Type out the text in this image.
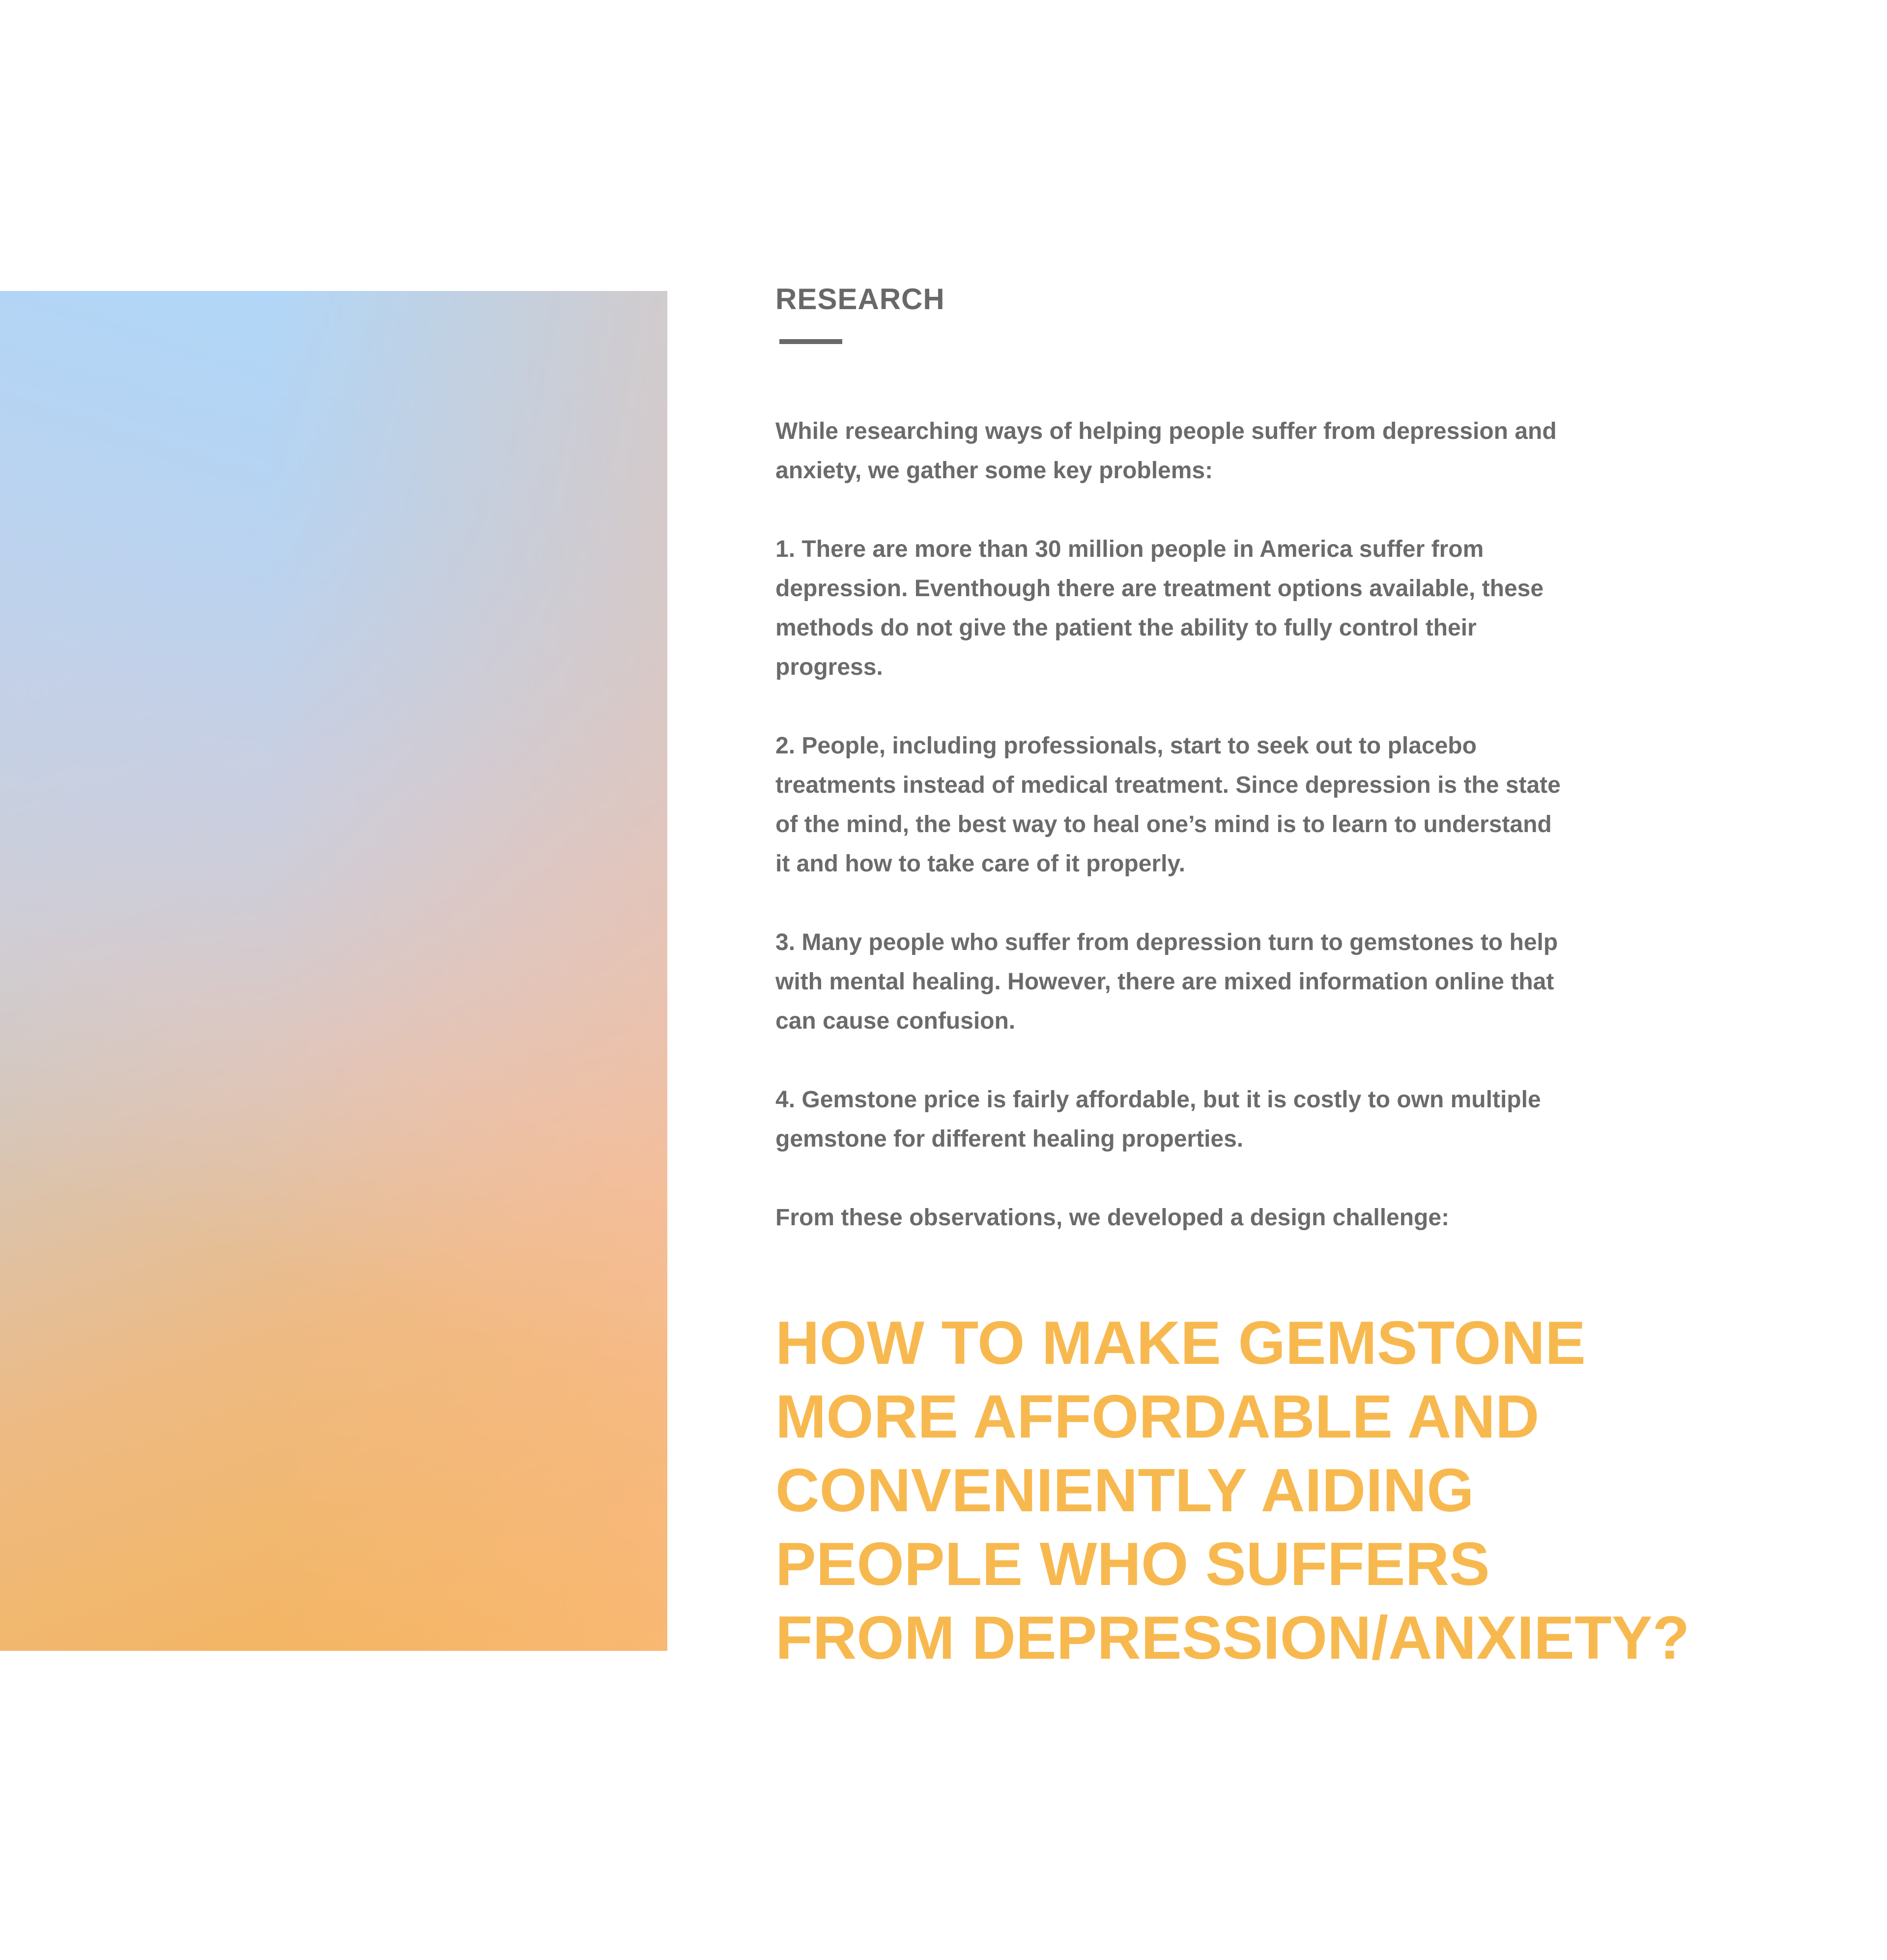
RESEARCH

While researching ways of helping people suffer from depression and anxiety, we gather some key problems:

1. There are more than 30 million people in America suffer from depression. Eventhough there are treatment options available, these methods do not give the patient the ability to fully control their progress.

2. People, including professionals, start to seek out to placebo treatments instead of medical treatment. Since depression is the state of the mind, the best way to heal one’s mind is to learn to understand it and how to take care of it properly.

3. Many people who suffer from depression turn to gemstones to help with mental healing. However, there are mixed information online that can cause confusion.

4. Gemstone price is fairly affordable, but it is costly to own multiple gemstone for different healing properties.

From these observations, we developed a design challenge:

HOW TO MAKE GEMSTONE
MORE AFFORDABLE AND
CONVENIENTLY AIDING
PEOPLE WHO SUFFERS
FROM DEPRESSION/ANXIETY?
